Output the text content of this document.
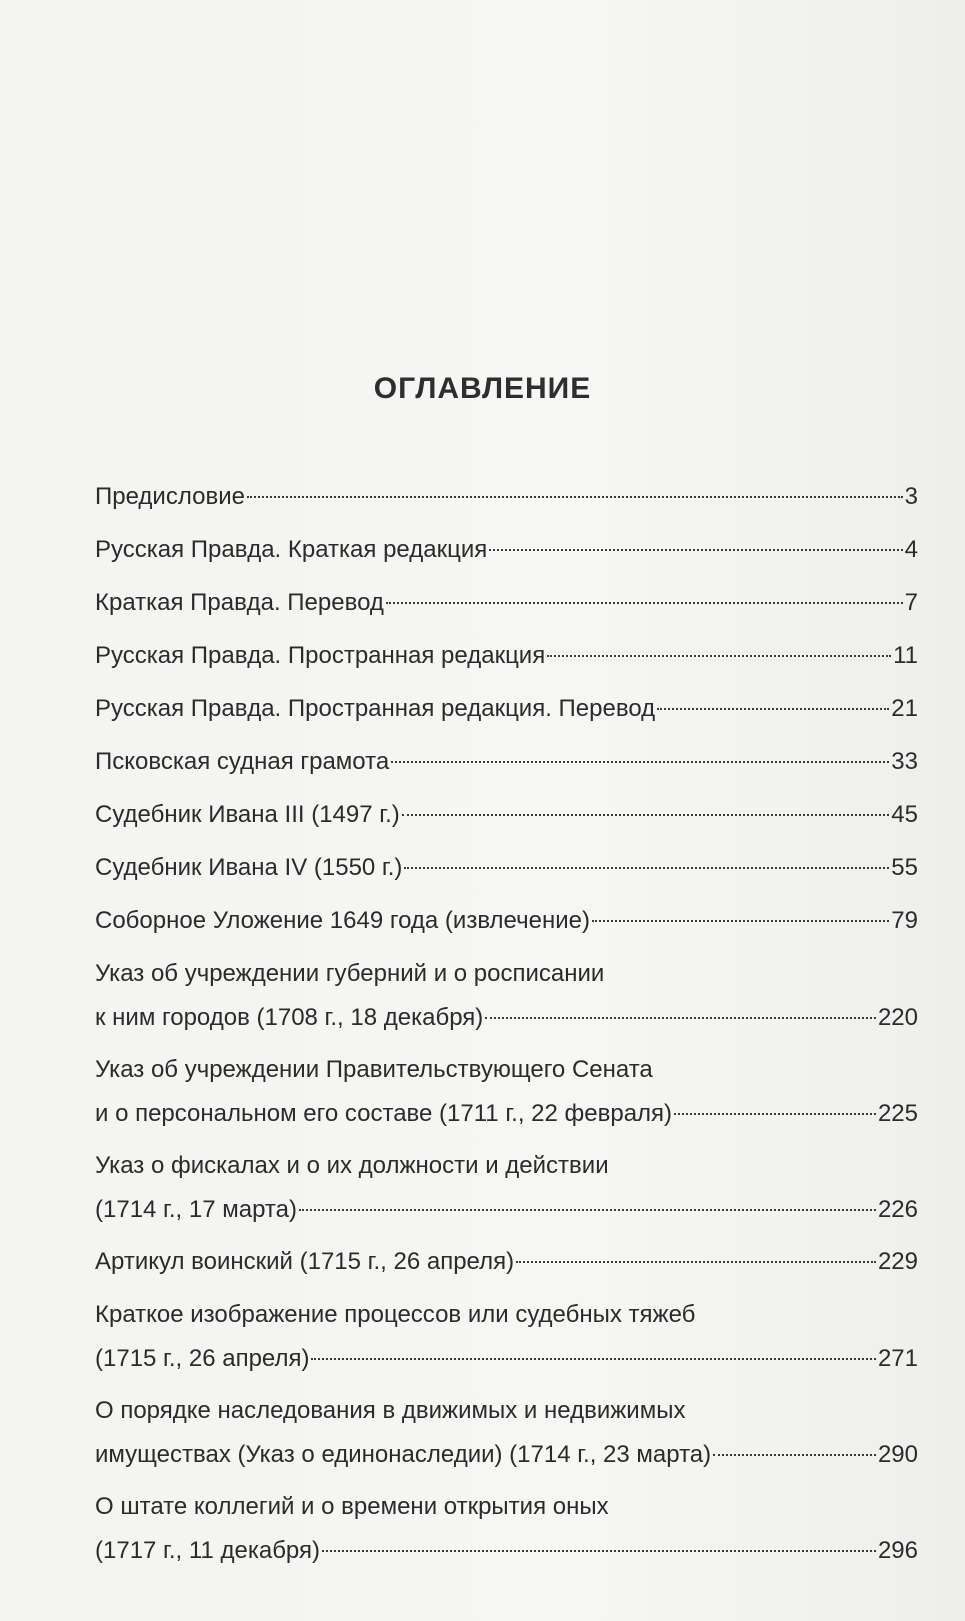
ОГЛАВЛЕНИЕ
Предисловие	3
Русская Правда. Краткая редакция	4
Краткая Правда. Перевод	7
Русская Правда. Пространная редакция	11
Русская Правда. Пространная редакция. Перевод	21
Псковская судная грамота	33
Судебник Ивана III (1497 г.)	45
Судебник Ивана IV (1550 г.)	55
Соборное Уложение 1649 года (извлечение)	79
Указ об учреждении губерний и о росписании
к ним городов (1708 г., 18 декабря)	220
Указ об учреждении Правительствующего Сената
и о персональном его составе (1711 г., 22 февраля)	225
Указ о фискалах и о их должности и действии
(1714 г., 17 марта)	226
Артикул воинский (1715 г., 26 апреля)	229
Краткое изображение процессов или судебных тяжеб
(1715 г., 26 апреля)	271
О порядке наследования в движимых и недвижимых
имуществах (Указ о единонаследии) (1714 г., 23 марта)	290
О штате коллегий и о времени открытия оных
(1717 г., 11 декабря)	296
